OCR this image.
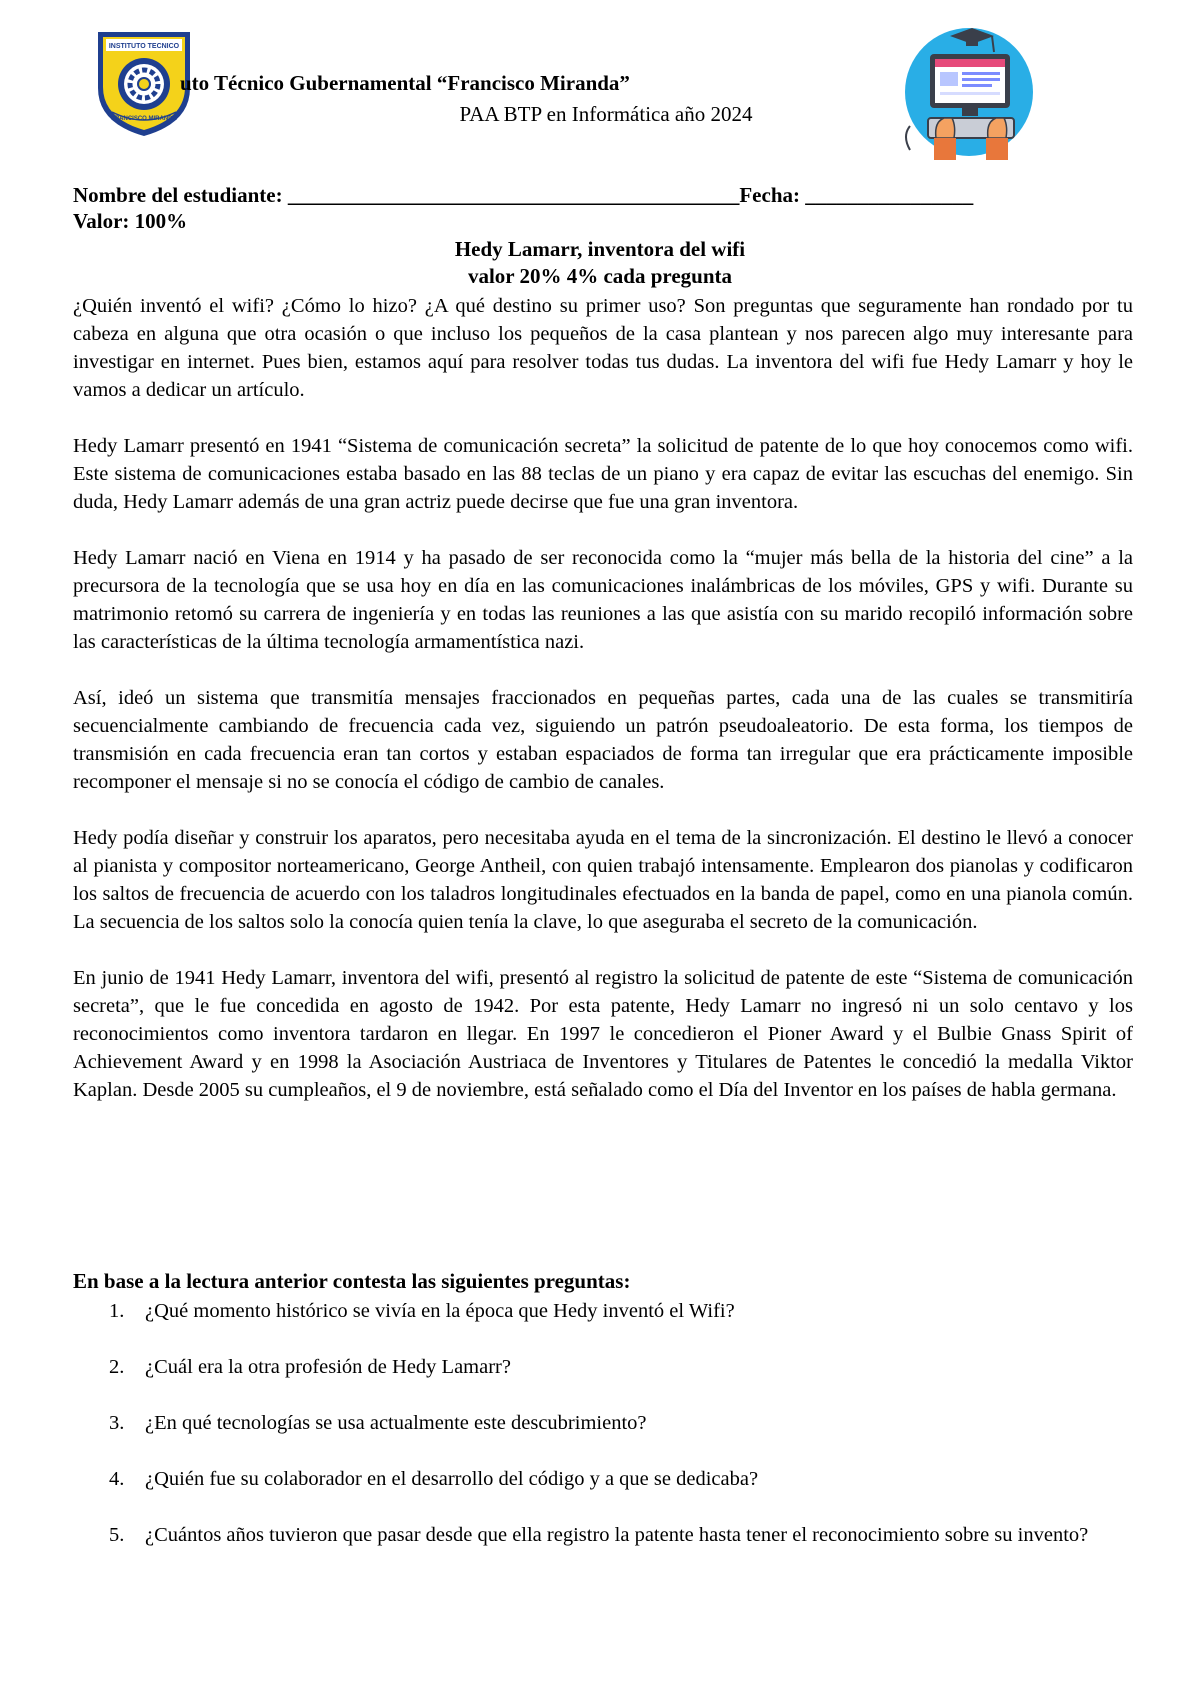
INSTITUTO TECNICO
FRANCISCO MIRANDA
uto Técnico Gubernamental “Francisco Miranda”
PAA BTP en Informática año 2024
Nombre del estudiante: ___________________________________________Fecha: ________________
Valor: 100%
Hedy Lamarr, inventora del wifi
valor 20% 4% cada pregunta

¿Quién inventó el wifi? ¿Cómo lo hizo? ¿A qué destino su primer uso? Son preguntas que seguramente han rondado por tu cabeza en alguna que otra ocasión o que incluso los pequeños de la casa plantean y nos parecen algo muy interesante para investigar en internet. Pues bien, estamos aquí para resolver todas tus dudas. La inventora del wifi fue Hedy Lamarr y hoy le vamos a dedicar un artículo.

Hedy Lamarr presentó en 1941 “Sistema de comunicación secreta” la solicitud de patente de lo que hoy conocemos como wifi. Este sistema de comunicaciones estaba basado en las 88 teclas de un piano y era capaz de evitar las escuchas del enemigo. Sin duda, Hedy Lamarr además de una gran actriz puede decirse que fue una gran inventora.

Hedy Lamarr nació en Viena en 1914 y ha pasado de ser reconocida como la “mujer más bella de la historia del cine” a la precursora de la tecnología que se usa hoy en día en las comunicaciones inalámbricas de los móviles, GPS y wifi. Durante su matrimonio retomó su carrera de ingeniería y en todas las reuniones a las que asistía con su marido recopiló información sobre las características de la última tecnología armamentística nazi.

Así, ideó un sistema que transmitía mensajes fraccionados en pequeñas partes, cada una de las cuales se transmitiría secuencialmente cambiando de frecuencia cada vez, siguiendo un patrón pseudoaleatorio. De esta forma, los tiempos de transmisión en cada frecuencia eran tan cortos y estaban espaciados de forma tan irregular que era prácticamente imposible recomponer el mensaje si no se conocía el código de cambio de canales.

Hedy podía diseñar y construir los aparatos, pero necesitaba ayuda en el tema de la sincronización. El destino le llevó a conocer al pianista y compositor norteamericano, George Antheil, con quien trabajó intensamente. Emplearon dos pianolas y codificaron los saltos de frecuencia de acuerdo con los taladros longitudinales efectuados en la banda de papel, como en una pianola común. La secuencia de los saltos solo la conocía quien tenía la clave, lo que aseguraba el secreto de la comunicación.

En junio de 1941 Hedy Lamarr, inventora del wifi, presentó al registro la solicitud de patente de este “Sistema de comunicación secreta”, que le fue concedida en agosto de 1942. Por esta patente, Hedy Lamarr no ingresó ni un solo centavo y los reconocimientos como inventora tardaron en llegar. En 1997 le concedieron el Pioner Award y el Bulbie Gnass Spirit of Achievement Award y en 1998 la Asociación Austriaca de Inventores y Titulares de Patentes le concedió la medalla Viktor Kaplan. Desde 2005 su cumpleaños, el 9 de noviembre, está señalado como el Día del Inventor en los países de habla germana.

En base a la lectura anterior contesta las siguientes preguntas:
1. ¿Qué momento histórico se vivía en la época que Hedy inventó el Wifi?
2. ¿Cuál era la otra profesión de Hedy Lamarr?
3. ¿En qué tecnologías se usa actualmente este descubrimiento?
4. ¿Quién fue su colaborador en el desarrollo del código y a que se dedicaba?
5. ¿Cuántos años tuvieron que pasar desde que ella registro la patente hasta tener el reconocimiento sobre su invento?
